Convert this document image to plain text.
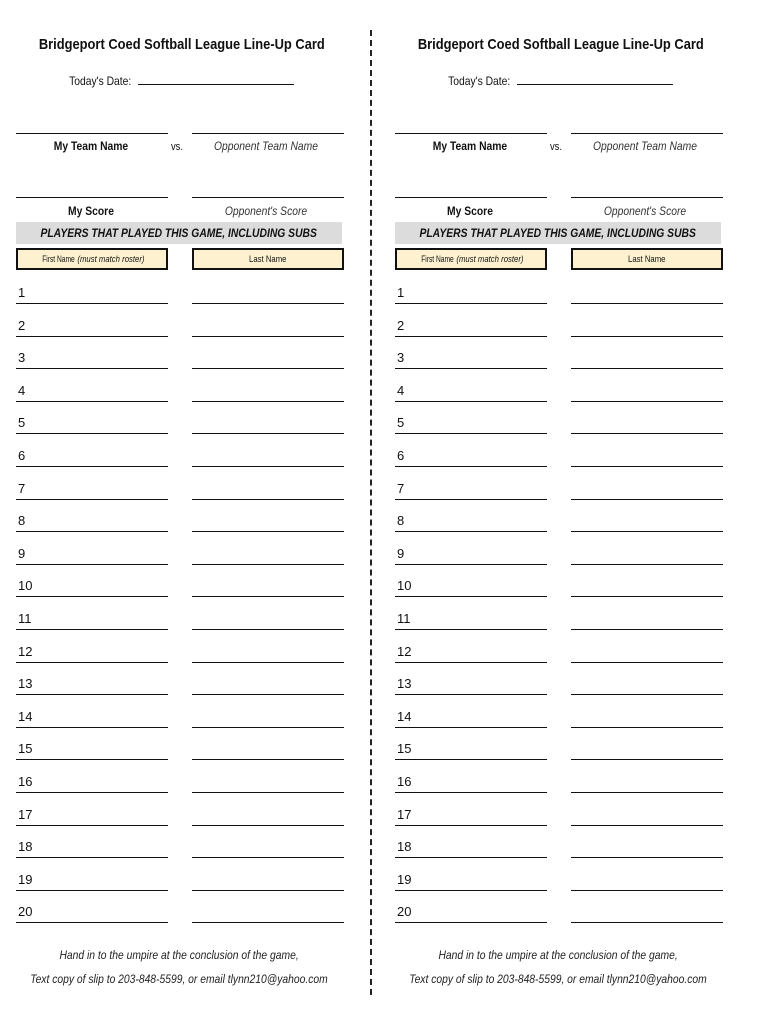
Bridgeport Coed Softball League Line-Up Card
Today's Date:
My Team Name	vs.	Opponent Team Name
My Score	Opponent's Score
PLAYERS THAT PLAYED THIS GAME, INCLUDING SUBS
First Name(must match roster)	Last Name
1
2
3
4
5
6
7
8
9
10
11
12
13
14
15
16
17
18
19
20
Hand in to the umpire at the conclusion of the game,
Text copy of slip to 203-848-5599, or email tlynn210@yahoo.com
Bridgeport Coed Softball League Line-Up Card
Today's Date:
My Team Name	vs.	Opponent Team Name
My Score	Opponent's Score
PLAYERS THAT PLAYED THIS GAME, INCLUDING SUBS
First Name(must match roster)	Last Name
1
2
3
4
5
6
7
8
9
10
11
12
13
14
15
16
17
18
19
20
Hand in to the umpire at the conclusion of the game,
Text copy of slip to 203-848-5599, or email tlynn210@yahoo.com
